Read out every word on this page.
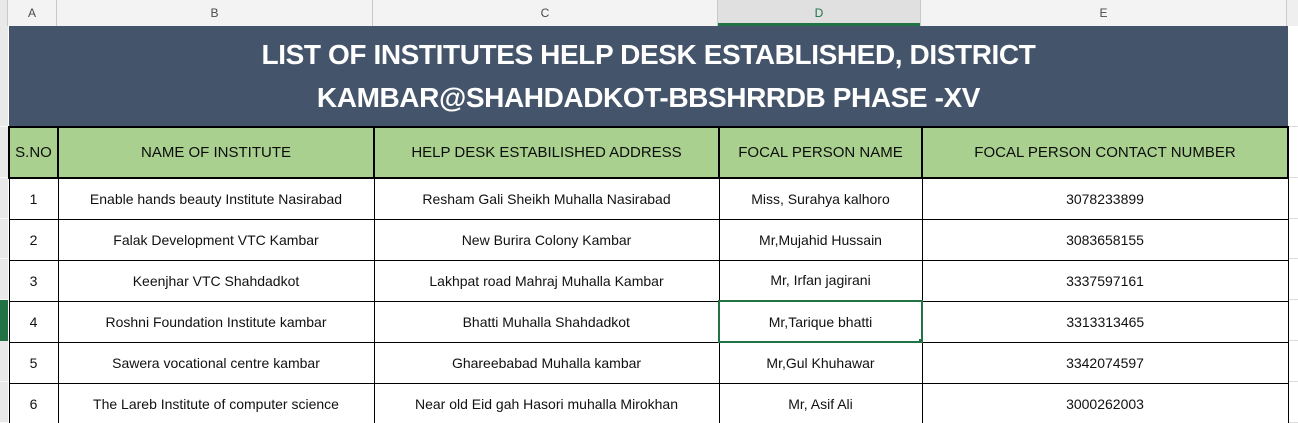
A	B	C	D	E
LIST OF INSTITUTES HELP DESK ESTABLISHED, DISTRICT
KAMBAR@SHAHDADKOT-BBSHRRDB PHASE -XV				

S.NO	NAME OF INSTITUTE	HELP DESK ESTABILISHED ADDRESS	FOCAL PERSON NAME	FOCAL PERSON CONTACT NUMBER
1	Enable hands beauty Institute Nasirabad	Resham Gali Sheikh Muhalla Nasirabad	Miss, Surahya kalhoro	3078233899
2	Falak Development VTC Kambar	New Burira Colony Kambar	Mr,Mujahid Hussain	3083658155
3	Keenjhar VTC Shahdadkot	Lakhpat road Mahraj Muhalla Kambar	Mr, Irfan jagirani	3337597161
4	Roshni Foundation Institute kambar	Bhatti Muhalla Shahdadkot	Mr,Tarique bhatti	3313313465
5	Sawera vocational centre kambar	Ghareebabad Muhalla kambar	Mr,Gul Khuhawar	3342074597
6	The Lareb Institute of computer science	Near old Eid gah Hasori muhalla Mirokhan	Mr, Asif Ali	3000262003
